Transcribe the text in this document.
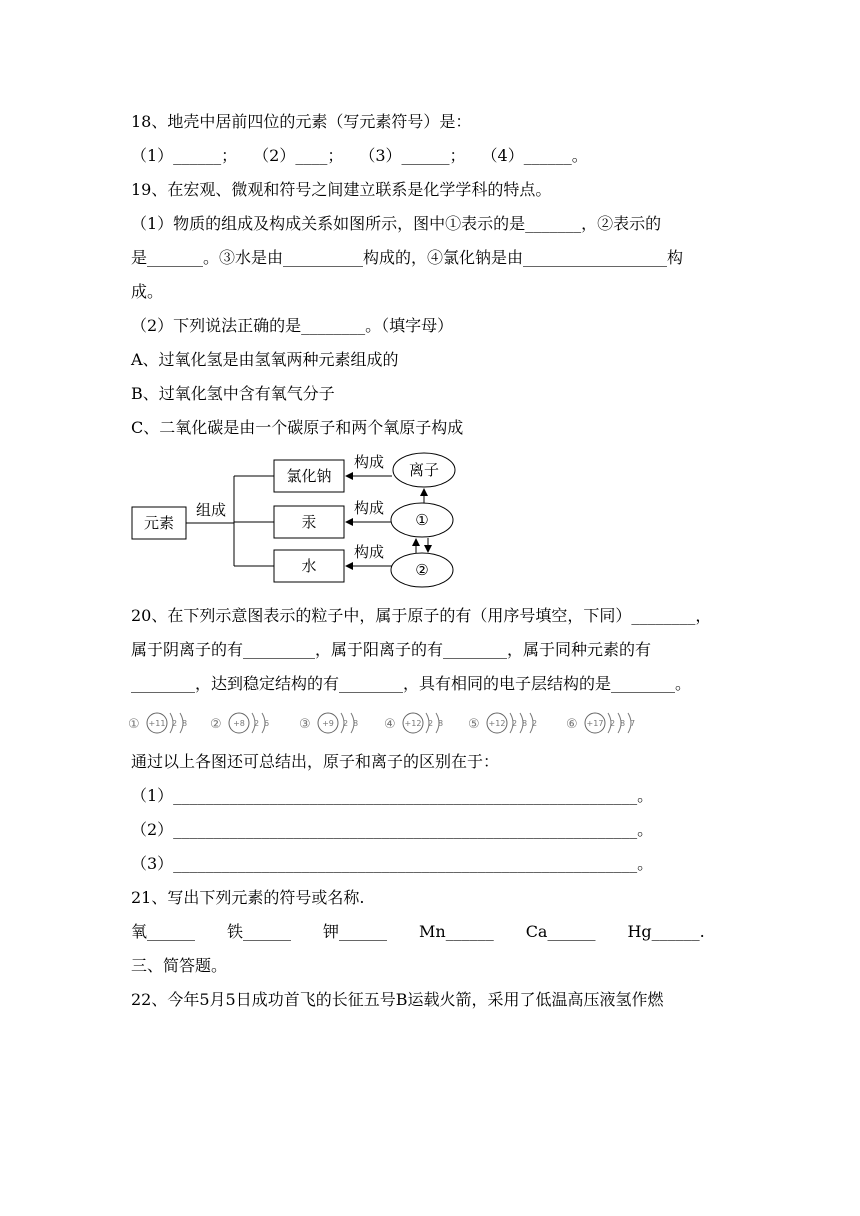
18、地壳中居前四位的元素（写元素符号）是：
（1）______；　　（2）____；　　（3）______；　　（4）______。
19、在宏观、微观和符号之间建立联系是化学学科的特点。
（1）物质的组成及构成关系如图所示，图中①表示的是_______，②表示的
是_______。③水是由__________构成的，④氯化钠是由__________________构
成。
（2）下列说法正确的是________。（填字母）
A、过氧化氢是由氢氧两种元素组成的
B、过氧化氢中含有氧气分子
C、二氧化碳是由一个碳原子和两个氧原子构成
元素
组成
氯化钠
汞
水
构成
构成
构成
离子
①
②
20、在下列示意图表示的粒子中，属于原子的有（用序号填空，下同）________，
属于阴离子的有_________，属于阳离子的有________，属于同种元素的有
________，达到稳定结构的有________，具有相同的电子层结构的是________。
① +11 2 8 ② +8 2 6 ③ +9 2 8 ④ +12 2 8 ⑤ +12 2 8 2 ⑥ +17 2 8 7
通过以上各图还可总结出，原子和离子的区别在于：
（1）__________________________________________________________。
（2）__________________________________________________________。
（3）__________________________________________________________。
21、写出下列元素的符号或名称.
氧______　　铁______　　钾______　　Mn______　　Ca______　　Hg______.
三、简答题。
22、今年5月5日成功首飞的长征五号B运载火箭，采用了低温高压液氢作燃
